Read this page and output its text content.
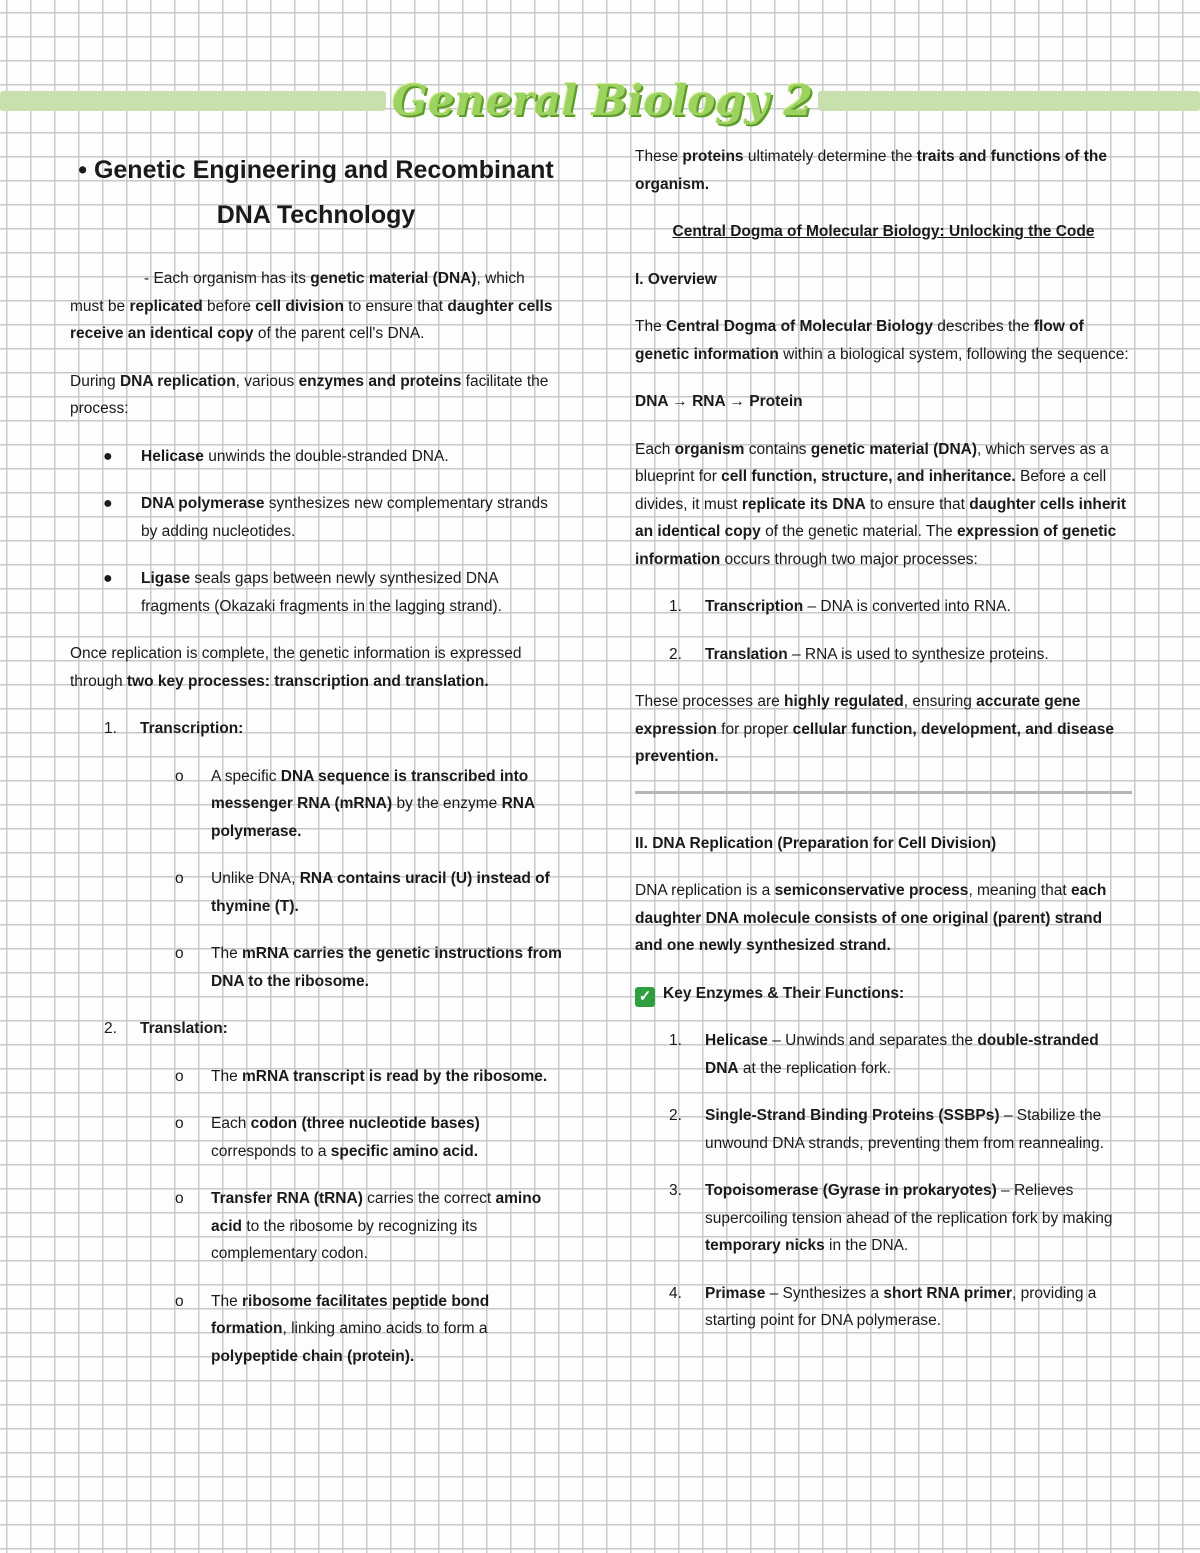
General Biology 2
• Genetic Engineering and Recombinant DNA Technology

- Each organism has its genetic material (DNA), which must be replicated before cell division to ensure that daughter cells receive an identical copy of the parent cell's DNA.

During DNA replication, various enzymes and proteins facilitate the process:

● Helicase unwinds the double-stranded DNA.
● DNA polymerase synthesizes new complementary strands by adding nucleotides.
● Ligase seals gaps between newly synthesized DNA fragments (Okazaki fragments in the lagging strand).

Once replication is complete, the genetic information is expressed through two key processes: transcription and translation.

1. Transcription:
o A specific DNA sequence is transcribed into messenger RNA (mRNA) by the enzyme RNA polymerase.
o Unlike DNA, RNA contains uracil (U) instead of thymine (T).
o The mRNA carries the genetic instructions from DNA to the ribosome.
2. Translation:
o The mRNA transcript is read by the ribosome.
o Each codon (three nucleotide bases) corresponds to a specific amino acid.
o Transfer RNA (tRNA) carries the correct amino acid to the ribosome by recognizing its complementary codon.
o The ribosome facilitates peptide bond formation, linking amino acids to form a polypeptide chain (protein).

These proteins ultimately determine the traits and functions of the organism.

Central Dogma of Molecular Biology: Unlocking the Code

I. Overview

The Central Dogma of Molecular Biology describes the flow of genetic information within a biological system, following the sequence:

DNA → RNA → Protein

Each organism contains genetic material (DNA), which serves as a blueprint for cell function, structure, and inheritance. Before a cell divides, it must replicate its DNA to ensure that daughter cells inherit an identical copy of the genetic material. The expression of genetic information occurs through two major processes:

1. Transcription – DNA is converted into RNA.
2. Translation – RNA is used to synthesize proteins.

These processes are highly regulated, ensuring accurate gene expression for proper cellular function, development, and disease prevention.

II. DNA Replication (Preparation for Cell Division)

DNA replication is a semiconservative process, meaning that each daughter DNA molecule consists of one original (parent) strand and one newly synthesized strand.

✓ Key Enzymes & Their Functions:

1. Helicase – Unwinds and separates the double-stranded DNA at the replication fork.
2. Single-Strand Binding Proteins (SSBPs) – Stabilize the unwound DNA strands, preventing them from reannealing.
3. Topoisomerase (Gyrase in prokaryotes) – Relieves supercoiling tension ahead of the replication fork by making temporary nicks in the DNA.
4. Primase – Synthesizes a short RNA primer, providing a starting point for DNA polymerase.
